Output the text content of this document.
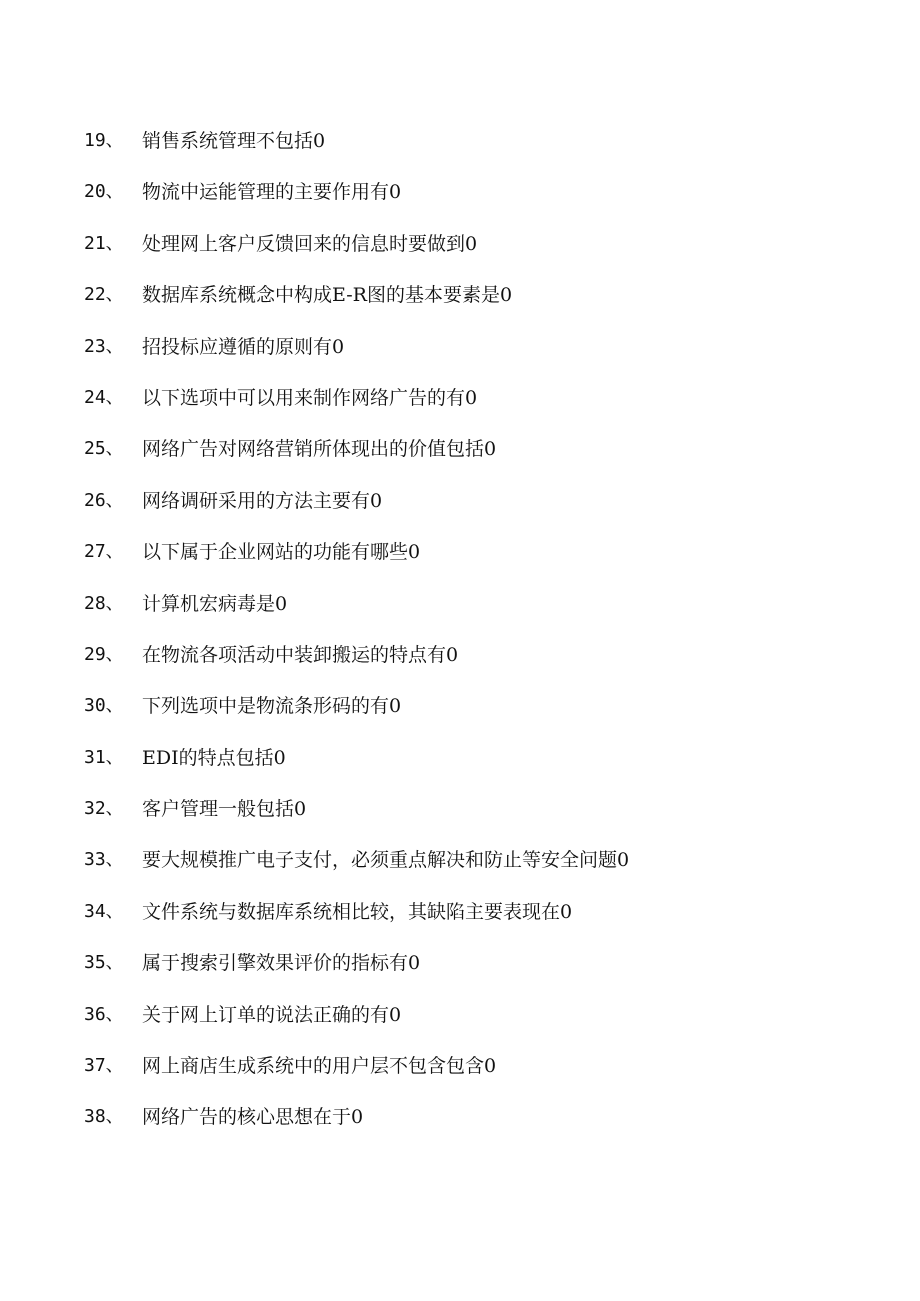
19、 销售系统管理不包括0
20、 物流中运能管理的主要作用有0
21、 处理网上客户反馈回来的信息时要做到0
22、 数据库系统概念中构成E-R图的基本要素是0
23、 招投标应遵循的原则有0
24、 以下选项中可以用来制作网络广告的有0
25、 网络广告对网络营销所体现出的价值包括0
26、 网络调研采用的方法主要有0
27、 以下属于企业网站的功能有哪些0
28、 计算机宏病毒是0
29、 在物流各项活动中装卸搬运的特点有0
30、 下列选项中是物流条形码的有0
31、 EDI的特点包括0
32、 客户管理一般包括0
33、 要大规模推广电子支付，必须重点解决和防止等安全问题0
34、 文件系统与数据库系统相比较，其缺陷主要表现在0
35、 属于搜索引擎效果评价的指标有0
36、 关于网上订单的说法正确的有0
37、 网上商店生成系统中的用户层不包含包含0
38、 网络广告的核心思想在于0
